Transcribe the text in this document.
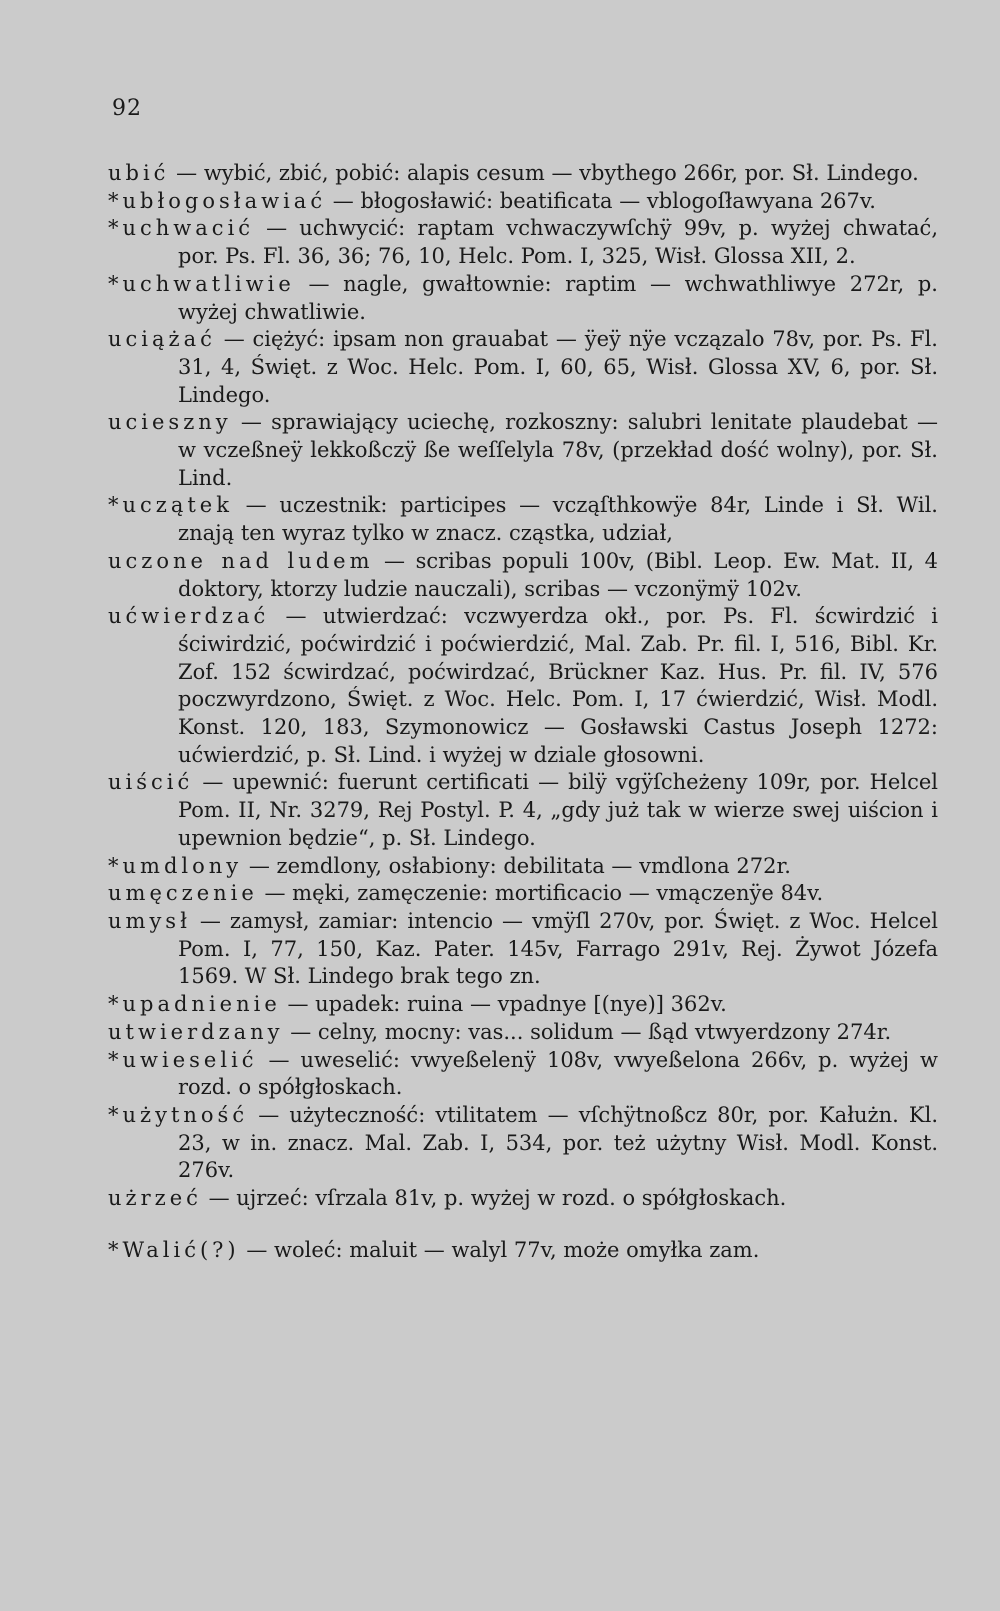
92

ubić — wybić, zbić, pobić: alapis cesum — vbythego 266r, por. Sł. Lindego.

*ubłogosławiać — błogosławić: beatificata — vblogoſławyana 267v.

*uchwacić — uchwycić: raptam vchwaczywſchÿ 99v, p. wyżej chwatać, por. Ps. Fl. 36, 36; 76, 10, Helc. Pom. I, 325, Wisł. Glossa XII, 2.

*uchwatliwie — nagle, gwałtownie: raptim — wchwathliwye 272r, p. wyżej chwatliwie.

uciążać — ciężyć: ipsam non grauabat — ÿeÿ nÿe vczązalo 78v, por. Ps. Fl. 31, 4, Święt. z Woc. Helc. Pom. I, 60, 65, Wisł. Glossa XV, 6, por. Sł. Lindego.

ucieszny — sprawiający uciechę, rozkoszny: salubri lenitate plaudebat — w vczeßneÿ lekkoßczÿ ße weſſelyla 78v, (przekład dość wolny), por. Sł. Lind.

*uczątek — uczestnik: participes — vcząſthkowÿe 84r, Linde i Sł. Wil. znają ten wyraz tylko w znacz. cząstka, udział,

uczone nad ludem — scribas populi 100v, (Bibl. Leop. Ew. Mat. II, 4 doktory, ktorzy ludzie nauczali), scribas — vczonÿmÿ 102v.

ućwierdzać — utwierdzać: vczwyerdza okł., por. Ps. Fl. ścwirdzić i ściwirdzić, poćwirdzić i poćwierdzić, Mal. Zab. Pr. fil. I, 516, Bibl. Kr. Zof. 152 ścwirdzać, poćwirdzać, Brückner Kaz. Hus. Pr. fil. IV, 576 poczwyrdzono, Święt. z Woc. Helc. Pom. I, 17 ćwierdzić, Wisł. Modl. Konst. 120, 183, Szymonowicz — Gosławski Castus Joseph 1272: ućwierdzić, p. Sł. Lind. i wyżej w dziale głosowni.

uiścić — upewnić: fuerunt certificati — bilÿ vgÿſcheżeny 109r, por. Helcel Pom. II, Nr. 3279, Rej Postyl. P. 4, „gdy już tak w wierze swej uiścion i upewnion będzie“, p. Sł. Lindego.

*umdlony — zemdlony, osłabiony: debilitata — vmdlona 272r.

umęczenie — męki, zamęczenie: mortificacio — vmączenÿe 84v.

umysł — zamysł, zamiar: intencio — vmÿſl 270v, por. Święt. z Woc. Helcel Pom. I, 77, 150, Kaz. Pater. 145v, Farrago 291v, Rej. Żywot Józefa 1569. W Sł. Lindego brak tego zn.

*upadnienie — upadek: ruina — vpadnye [(nye)] 362v.

utwierdzany — celny, mocny: vas... solidum — ßąd vtwyerdzony 274r.

*uwieselić — uweselić: vwyeßelenÿ 108v, vwyeßelona 266v, p. wyżej w rozd. o spółgłoskach.

*użytność — użyteczność: vtilitatem — vſchÿtnoßcz 80r, por. Kałużn. Kl. 23, w in. znacz. Mal. Zab. I, 534, por. też użytny Wisł. Modl. Konst. 276v.

użrzeć — ujrzeć: vſrzala 81v, p. wyżej w rozd. o spółgłoskach.

*Walić(?) — woleć: maluit — walyl 77v, może omyłka zam.
